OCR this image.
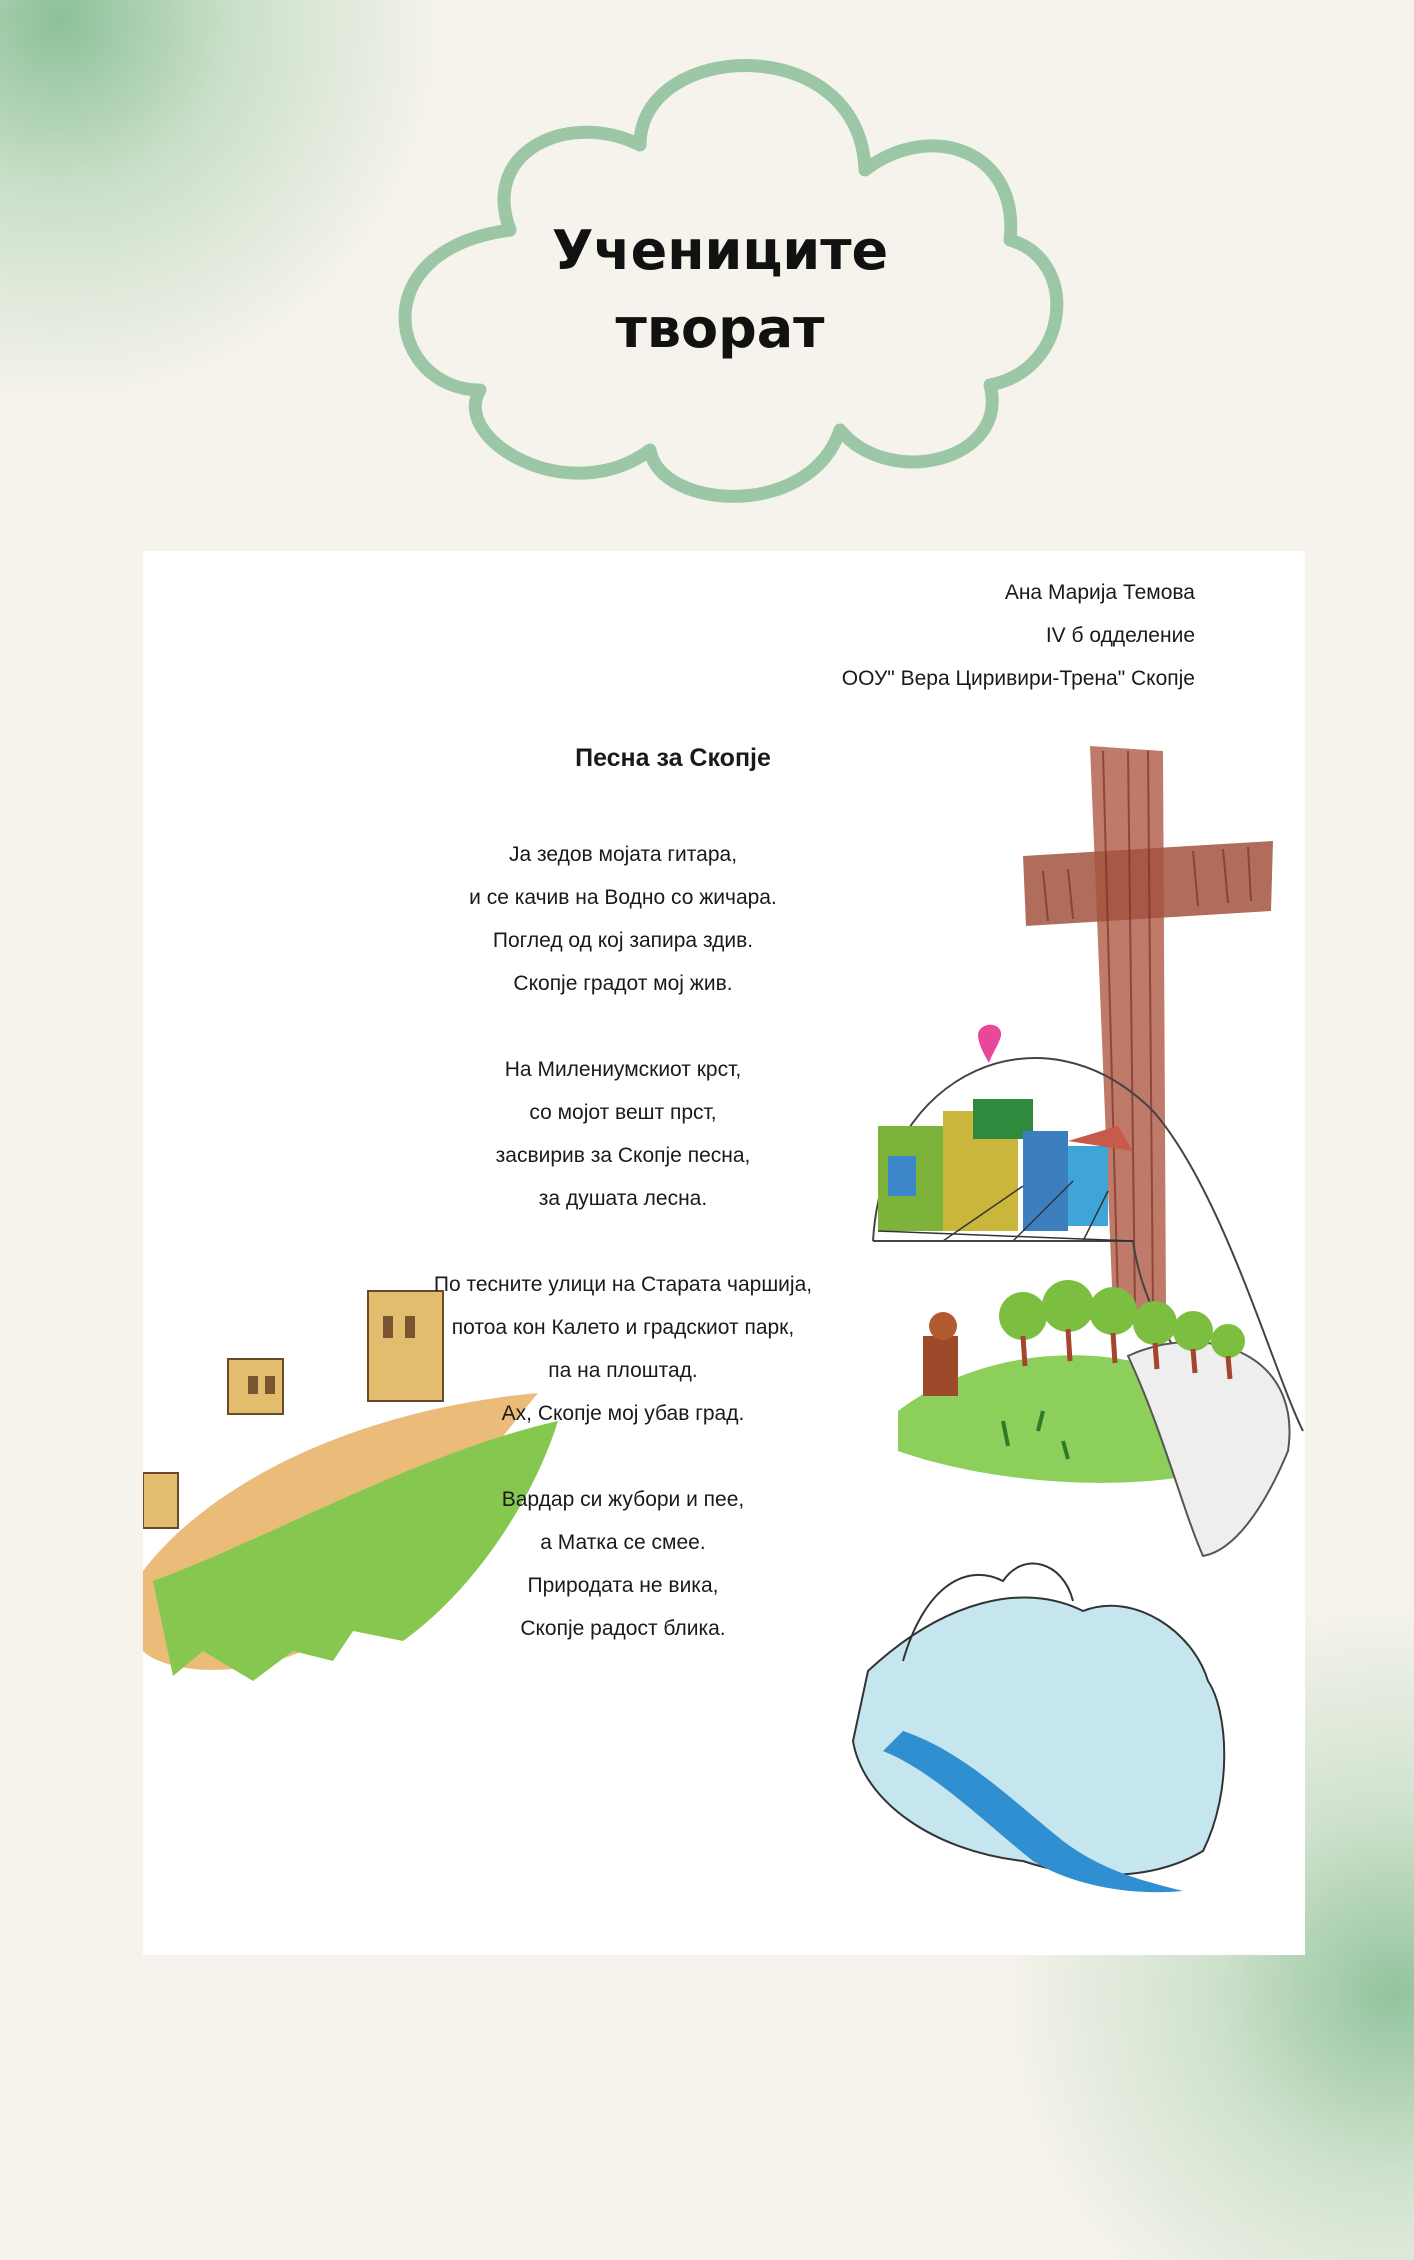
Учениците
творат
Ана Марија Темова
IV б одделение
ООУ" Вера Циривири-Трена" Скопје
Песна за Скопје
Ја зедов мојата гитара,
и се качив на Водно со жичара.
Поглед од кој запира здив.
Скопје градот мој жив.
На Милениумскиот крст,
со мојот вешт прст,
засвирив за Скопје песна,
за душата лесна.
По тесните улици на Старата чаршија,
потоа кон Калето и градскиот парк,
па на плоштад.
Ах, Скопје мој убав град.
Вардар си жубори и пее,
а Матка се смее.
Природата не вика,
Скопје радост блика.
